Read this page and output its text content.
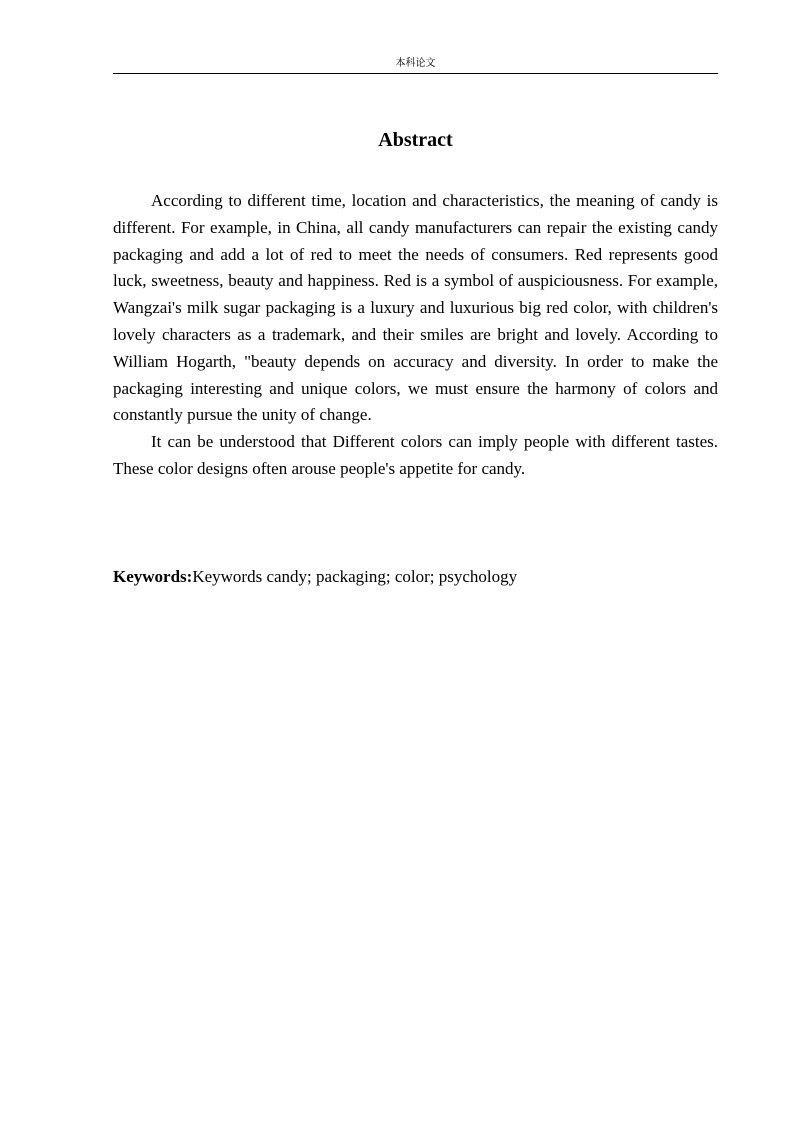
本科论文
Abstract

According to different time, location and characteristics, the meaning of candy is different. For example, in China, all candy manufacturers can repair the existing candy packaging and add a lot of red to meet the needs of consumers. Red represents good luck, sweetness, beauty and happiness. Red is a symbol of auspiciousness. For example, Wangzai's milk sugar packaging is a luxury and luxurious big red color, with children's lovely characters as a trademark, and their smiles are bright and lovely. According to William Hogarth, "beauty depends on accuracy and diversity. In order to make the packaging interesting and unique colors, we must ensure the harmony of colors and constantly pursue the unity of change.

It can be understood that Different colors can imply people with different tastes. These color designs often arouse people's appetite for candy.

Keywords:Keywords candy; packaging; color; psychology
